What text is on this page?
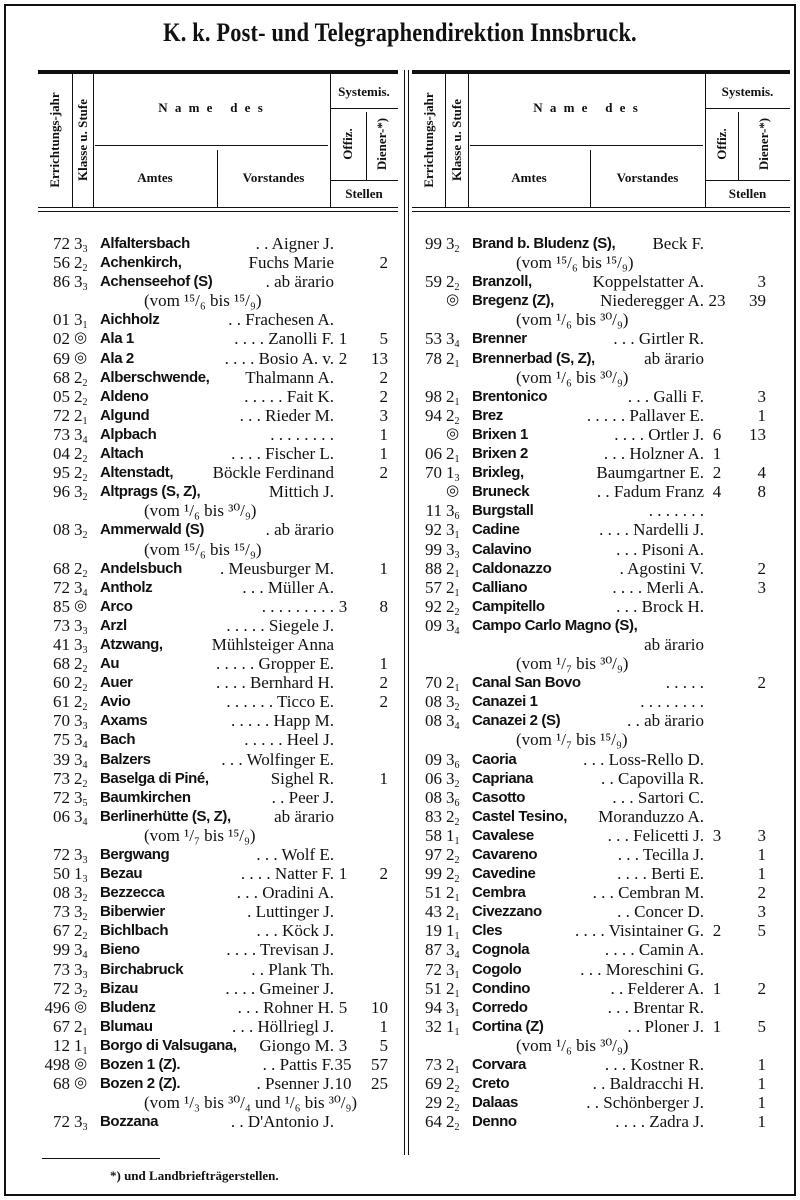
K. k. Post- und Telegraphendirektion Innsbruck.
Errichtungs-jahr Klasse u. Stufe	N a m e   d e s
Amtes	Vorstandes
Systemis.
Offiz. Diener-*)
Stellen
Errichtungs-jahr Klasse u. Stufe	N a m e   d e s
Amtes	Vorstandes
Systemis.
Offiz. Diener-*)
Stellen
72 $3_3$ Alfaltersbach	. . Aigner J.
56 $2_2$ Achenkirch,	Fuchs Marie	2
86 $3_3$ Achenseehof (S)	. ab ärario
(vom ¹⁵/₆ bis ¹⁵/₉)
01 $3_1$ Aichholz	. . Frachesen A.
02 ◎ Ala 1	. . . . Zanolli F. 1	5
69 ◎ Ala 2	. . . . Bosio A. v. 2	13
68 $2_2$ Alberschwende,	Thalmann A.	2
05 $2_2$ Aldeno	. . . . . Fait K.	2
72 $2_1$ Algund	. . . Rieder M.	3
73 $3_4$ Alpbach	. . . . . . . .	1
04 $2_2$ Altach	. . . . Fischer L.	1
95 $2_2$ Altenstadt,	Böckle Ferdinand	2
96 $3_2$ Altprags (S, Z),	Mittich J.
(vom ¹/₆ bis ³⁰/₉)
08 $3_2$ Ammerwald (S)	. ab ärario
(vom ¹⁵/₆ bis ¹⁵/₉)
68 $2_2$ Andelsbuch	. Meusburger M.	1
72 $3_4$ Antholz	. . . Müller A.
85 ◎ Arco	. . . . . . . . . 3	8
73 $3_3$ Arzl	. . . . . Siegele J.
41 $3_3$ Atzwang,	Mühlsteiger Anna
68 $2_2$ Au	. . . . . Gropper E.	1
60 $2_2$ Auer	. . . . Bernhard H.	2
61 $2_2$ Avio	. . . . . . Ticco E.	2
70 $3_3$ Axams	. . . . . Happ M.
75 $3_4$ Bach	. . . . . Heel J.
39 $3_4$ Balzers	. . . Wolfinger E.
73 $2_2$ Baselga di Piné,	Sighel R.	1
72 $3_5$ Baumkirchen	. . Peer J.
06 $3_4$ Berlinerhütte (S, Z),	ab ärario
(vom ¹/₇ bis ¹⁵/₉)
72 $3_3$ Bergwang	. . . Wolf E.
50 $1_3$ Bezau	. . . . Natter F. 1	2
08 $3_2$ Bezzecca	. . . Oradini A.
73 $3_2$ Biberwier	. Luttinger J.
67 $2_2$ Bichlbach	. . . Köck J.
99 $3_4$ Bieno	. . . . Trevisan J.
73 $3_3$ Birchabruck	. . Plank Th.
72 $3_2$ Bizau	. . . . Gmeiner J.
496 ◎ Bludenz	. . . Rohner H. 5	10
67 $2_1$ Blumau	. . . Höllriegl J.	1
12 $1_1$ Borgo di Valsugana,	Giongo M. 3	5
498 ◎ Bozen 1 (Z).	. . Pattis F. 35	57
68 ◎ Bozen 2 (Z).	. Psenner J. 10	25
(vom ¹/₃ bis ³⁰/₄ und ¹/₆ bis ³⁰/₉)
72 $3_3$ Bozzana	. . D'Antonio J.
99 $3_2$ Brand b. Bludenz (S),	Beck F.
(vom ¹⁵/₆ bis ¹⁵/₉)
59 $2_2$ Branzoll,	Koppelstatter A.	3
◎ Bregenz (Z),	Niederegger A. 23	39
(vom ¹/₆ bis ³⁰/₉)
53 $3_4$ Brenner	. . . Girtler R.
78 $2_1$ Brennerbad (S, Z),	ab ärario
(vom ¹/₆ bis ³⁰/₉)
98 $2_1$ Brentonico	. . . Galli F.	3
94 $2_2$ Brez	. . . . . Pallaver E.	1
◎ Brixen 1	. . . . Ortler J. 6	13
06 $2_1$ Brixen 2	. . . Holzner A. 1
70 $1_3$ Brixleg,	Baumgartner E. 2	4
◎ Bruneck	. . Fadum Franz 4	8
11 $3_6$ Burgstall	. . . . . . .
92 $3_1$ Cadine	. . . . Nardelli J.
99 $3_3$ Calavino	. . . Pisoni A.
88 $2_1$ Caldonazzo	. Agostini V.	2
57 $2_1$ Calliano	. . . . Merli A.	3
92 $2_2$ Campitello	. . . Brock H.
09 $3_4$ Campo Carlo Magno (S),
ab ärario
(vom ¹/₇ bis ³⁰/₉)
70 $2_1$ Canal San Bovo	. . . . .	2
08 $3_2$ Canazei 1	. . . . . . . .
08 $3_4$ Canazei 2 (S)	. . ab ärario
(vom ¹/₇ bis ¹⁵/₉)
09 $3_6$ Caoria	. . . Loss-Rello D.
06 $3_2$ Capriana	. . Capovilla R.
08 $3_6$ Casotto	. . . Sartori C.
83 $2_2$ Castel Tesino,	Moranduzzo A.
58 $1_1$ Cavalese	. . . Felicetti J. 3	3
97 $2_2$ Cavareno	. . . Tecilla J.	1
99 $2_2$ Cavedine	. . . . Berti E.	1
51 $2_1$ Cembra	. . . Cembran M.	2
43 $2_1$ Civezzano	. . Concer D.	3
19 $1_1$ Cles	. . . . Visintainer G. 2	5
87 $3_4$ Cognola	. . . . Camin A.
72 $3_1$ Cogolo	. . . Moreschini G.
51 $2_1$ Condino	. . Felderer A. 1	2
94 $3_1$ Corredo	. . . Brentar R.
32 $1_1$ Cortina (Z)	. . Ploner J. 1	5
(vom ¹/₆ bis ³⁰/₉)
73 $2_1$ Corvara	. . . Kostner R.	1
69 $2_2$ Creto	. . Baldracchi H.	1
29 $2_2$ Dalaas	. . Schönberger J.	1
64 $2_2$ Denno	. . . . Zadra J.	1
*) und Landbriefträgerstellen.
